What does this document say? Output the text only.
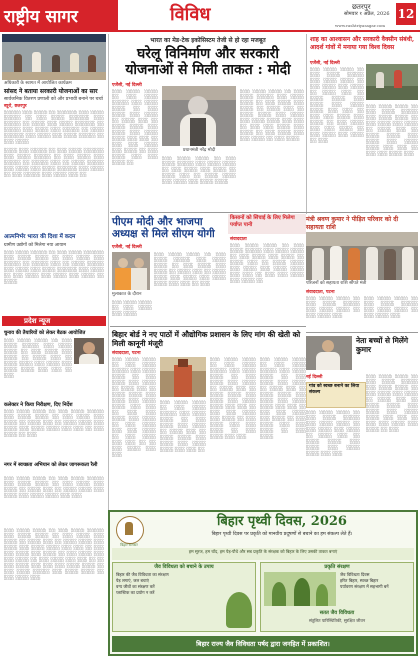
राष्ट्रीय सागर	विविध	छतरपुर
सोमवार १ अप्रैल, 2026 12
www.rashtriyasagar.com
अधिकारी के स्वागत में आयोजित कार्यक्रम
सांसद ने बताया सरकारी योजनाओं का सार
सार्वजनिक वितरण प्रणाली को और प्रभावी बनाने पर चर्चा
ब्यूरो, छतरपुर

░░░░░ ░░░ ░░░░ ░░ ░░░░░░ ░░░ ░░░░ ░░░░░ ░░ ░░░ ░░░░ ░░░░░░ ░░░ ░░░░░ ░░ ░░░░ ░░░ ░░░░ ░░░░░░ ░░ ░░░░░ ░░░ ░░░░ ░░░ ░░░░░ ░░ ░░░░ ░░░░░░ ░░░ ░░░░ ░░░ ░░░░ ░░░░░ ░░ ░░░ ░░░░

░░░░ ░░░ ░░░░░ ░░ ░░░ ░░░░ ░░░░░░ ░░░ ░░░░ ░░░░░ ░░ ░░░ ░░░░ ░░░ ░░░░░ ░░ ░░░░░ ░░░ ░░ ░░░░ ░░░░░ ░░░ ░░░░ ░░░ ░░░░ ░░░░░░ ░░░ ░░░░ ░░ ░░░ ░░░░░ ░░░ ░░░░ ░░░ ░░

आत्मनिर्भर भारत की दिशा में कदम
ग्रामीण उद्योगों को मिलेगा नया आयाम

░░░ ░░░░ ░░░░░ ░░ ░░░ ░░░░ ░░░░░░ ░░░ ░░░░ ░░░░ ░░ ░░░ ░░░░ ░░░ ░░░░░ ░░ ░░░░░ ░░░ ░░ ░░░░ ░░░░░ ░░░ ░░░░ ░░░ ░░░░ ░░░░░░ ░░░ ░░░░ ░░ ░░░ ░░░░ ░░░ ░░░░ ░░░ ░░░░ ░░ ░░░░

प्रदेश न्यूज
चुनाव की तैयारियों को लेकर बैठक आयोजित

░░░ ░░░░ ░░░░ ░░ ░░░ ░░░░ ░░░░░ ░░░ ░░░░ ░░░░ ░░ ░░░ ░░░░ ░░░ ░░░░ ░░ ░░░░ ░░░ ░░ ░░░░ ░░░░ ░░░ ░░░░ ░░░ ░░░░ ░░░░ ░░░ ░░░ ░░ ░░░

कलेक्टर ने किया निरीक्षण, दिए निर्देश

░░░ ░░░░ ░░░░ ░░ ░░░ ░░░░ ░░░░░ ░░░ ░░░░ ░░░░ ░░ ░░░ ░░░░ ░░░ ░░░░ ░░ ░░░░ ░░░ ░░ ░░░░ ░░░░ ░░░ ░░░░ ░░░ ░░░░ ░░░░ ░░░ ░░░ ░░ ░░░ ░░░░ ░░ ░░░

नगर में स्वच्छता अभियान को लेकर जागरूकता रैली

░░░ ░░░░ ░░░░ ░░ ░░░ ░░░░ ░░░░░ ░░░ ░░░░ ░░░░ ░░ ░░░ ░░░░ ░░░ ░░░░ ░░ ░░░░ ░░░ ░░ ░░░░ ░░░░ ░░░ ░░░░ ░░░ ░░░░ ░░░░ ░░░ ░░░

भारत का मेड-टेक इकोसिस्टम तेजी से हो रहा मजबूत
घरेलू विनिर्माण और सरकारी
योजनाओं से मिली ताकत : मोदी
एजेंसी, नई दिल्ली

░░░ ░░░░ ░░░░ ░░ ░░░ ░░░░ ░░░░░ ░░░ ░░░░ ░░░░ ░░ ░░░ ░░░░ ░░░ ░░░░ ░░ ░░░░ ░░░ ░░ ░░░░ ░░░░ ░░░ ░░░░ ░░░ ░░░░ ░░░░ ░░░ ░░░ ░░ ░░░ ░░░ ░░░░ ░░░ ░░░░ ░░ ░░░ ░░░░ ░░░ ░░░ ░░░░ ░░

प्रधानमंत्री नरेंद्र मोदी

░░░ ░░░░ ░░░░ ░░ ░░░ ░░░░ ░░░░░ ░░░ ░░░░ ░░░░ ░░ ░░░ ░░░░ ░░░ ░░░░ ░░ ░░░░ ░░░ ░░ ░░░░ ░░░░ ░░░ ░░░░ ░░░ ░░░░ ░░░░

░░░ ░░░░ ░░░░ ░░ ░░░ ░░░░ ░░░░░ ░░░ ░░░░ ░░░░ ░░ ░░░ ░░░░ ░░░ ░░░░ ░░ ░░░░ ░░░ ░░ ░░░░ ░░░░ ░░░ ░░░░ ░░░ ░░░░ ░░░░ ░░░ ░░░ ░░ ░░░ ░░░ ░░░░ ░░░ ░░░░ ░░ ░░░ ░░░░ ░░░ ░░░ ░░░░ ░░ ░░░ ░░░░

शाह का आश्वासन और सरकारी वैक्सीन संबंधी, आदर्श गांवों में मनाया गया विश्व दिवस
एजेंसी, नई दिल्ली

░░░ ░░░░ ░░░░ ░░ ░░░ ░░░░ ░░░░░ ░░░ ░░░░ ░░░░ ░░ ░░░ ░░░░ ░░░ ░░░░ ░░ ░░░░ ░░░ ░░ ░░░░ ░░░░ ░░░ ░░░░ ░░░ ░░░░ ░░░░ ░░░ ░░░ ░░ ░░░ ░░░ ░░░░ ░░░ ░░░░ ░░ ░░░ ░░░░ ░░░ ░░░ ░░░░ ░░ ░░░ ░░░░ ░░░ ░░░░ ░░ ░░░

░░░ ░░░░ ░░░░ ░░ ░░░ ░░░░ ░░░░░ ░░░ ░░░░ ░░░░ ░░ ░░░ ░░░░ ░░░ ░░░░ ░░ ░░░░ ░░░ ░░ ░░░░ ░░░░ ░░░ ░░░░ ░░░ ░░░░ ░░░░ ░░░ ░░░ ░░ ░░░ ░░░ ░░░░ ░░░

पीएम मोदी और भाजपा
अध्यक्ष से मिले सीएम योगी
एजेंसी, नई दिल्ली
मुलाकात के दौरान

░░░ ░░░░ ░░░░ ░░ ░░░ ░░░░ ░░░░░ ░░░ ░░░░ ░░░░ ░░ ░░░ ░░░░ ░░░ ░░░░ ░░ ░░░░ ░░░ ░░ ░░░░ ░░░░ ░░░ ░░░░ ░░░ ░░░░ ░░░░ ░░░ ░░░ ░░ ░░░

░░░ ░░░░ ░░░░ ░░ ░░░ ░░░░ ░░░ ░░░░

किसानों को सिंचाई के लिए मिलेगा पर्याप्त पानी
संवाददाता

░░░ ░░░░ ░░░░ ░░ ░░░ ░░░░ ░░░░░ ░░░ ░░░░ ░░░░ ░░ ░░░ ░░░░ ░░░ ░░░░ ░░ ░░░░ ░░░ ░░ ░░░░ ░░░░ ░░░ ░░░░ ░░░ ░░░░ ░░░░ ░░░ ░░░ ░░ ░░░ ░░░ ░░░░ ░░░ ░░░░ ░░

मंत्री श्रवण कुमार ने पीड़ित परिवार को दी सहायता राशि
परिजनों को सहायता राशि सौंपते मंत्री
संवाददाता, पटना

░░░ ░░░░ ░░░░ ░░ ░░░ ░░░░ ░░░░░ ░░░ ░░░░ ░░░░ ░░ ░░░ ░░░░ ░░░

░░░ ░░░░ ░░░░ ░░ ░░░ ░░░░ ░░░░░ ░░░ ░░░░ ░░░░ ░░ ░░░ ░░░░ ░░░

बिहार बोर्ड ने नए पाठों में औद्योगिक प्रशासन के लिए मांग की खेती को मिली कानूनी मंजूरी
संवाददाता, पटना

░░░ ░░░░ ░░░░ ░░ ░░░ ░░░░ ░░░░░ ░░░ ░░░░ ░░░░ ░░ ░░░ ░░░░ ░░░ ░░░░ ░░ ░░░░ ░░░ ░░ ░░░░ ░░░░ ░░░ ░░░░ ░░░ ░░░░ ░░░░ ░░░ ░░░ ░░ ░░░ ░░░ ░░░░ ░░░ ░░░░ ░░ ░░░ ░░░░ ░░░ ░░░ ░░░░ ░░ ░░░ ░░░░ ░░░ ░░░ ░░ ░░ ░░░ ░░░░ ░░░ ░░░

░░░ ░░░░ ░░░░ ░░ ░░░ ░░░░ ░░░░░ ░░░ ░░░░ ░░░░ ░░ ░░░ ░░░░ ░░░ ░░░░ ░░ ░░░░ ░░░ ░░ ░░░░ ░░░░ ░░░ ░░░░ ░░░ ░░░░ ░░░░ ░░░ ░░░ ░░

░░░ ░░░░ ░░░░ ░░ ░░░ ░░░░ ░░░░░ ░░░ ░░░░ ░░░░ ░░ ░░░ ░░░░ ░░░ ░░░░ ░░ ░░░░ ░░░ ░░ ░░░░ ░░░░ ░░░ ░░░░ ░░░ ░░░░ ░░░░ ░░░ ░░░ ░░ ░░░ ░░░ ░░░░ ░░░ ░░░░ ░░ ░░░ ░░░░ ░░░ ░░░ ░░░░ ░░ ░░░ ░░░░ ░░░ ░░░

░░░ ░░░░ ░░░░ ░░ ░░░ ░░░░ ░░░░░ ░░░ ░░░░ ░░░░ ░░ ░░░ ░░░░ ░░░ ░░░░ ░░ ░░░░ ░░░ ░░ ░░░░ ░░░░ ░░░ ░░░░ ░░░ ░░░░ ░░░░ ░░░ ░░░ ░░ ░░░ ░░░ ░░░░ ░░░ ░░░░ ░░ ░░░ ░░░░ ░░░ ░░░ ░░░░ ░░ ░░░ ░░░░

नेता बच्चों से मिलेंगे कुमार
नई दिल्ली
गांव को स्वच्छ बनाने का लिया संकल्प

░░░ ░░░░ ░░░░ ░░ ░░░ ░░░░ ░░░░░ ░░░ ░░░░ ░░░░ ░░ ░░░ ░░░░ ░░░ ░░░░ ░░ ░░░░ ░░░ ░░ ░░░░ ░░░░ ░░░ ░░░░ ░░░ ░░░░ ░░░░ ░░░ ░░░

░░░ ░░░░ ░░░░ ░░ ░░░ ░░░░ ░░░░░ ░░░ ░░░░ ░░░░ ░░ ░░░ ░░░░ ░░░ ░░░░ ░░ ░░░░ ░░░ ░░ ░░░░ ░░░░ ░░░ ░░░░ ░░░ ░░░░ ░░░░ ░░░ ░░░ ░░ ░░░ ░░░ ░░░░ ░░░ ░░░░ ░░ ░░░

बिहार सरकार
बिहार पृथ्वी दिवस, 2026
बिहार पृथ्वी दिवस पर प्रकृति को मानवीय प्रदूषणों से बचाने का हम संकल्प लेते हैं।
हम सूरज, हम चाँद, हम पेड़-पौधे और सब प्रकृति के संरक्षक को बिहार के लिए उसकी ताकत बनाएं
जैव विविधता को बचाने के उपाय
बिहार की जैव विविधता का संरक्षण
पेड़ लगाएं, जल बचाएं
वन्य जीवों का संरक्षण करें
प्लास्टिक का प्रयोग न करें
प्रकृति संरक्षण
जैव विविधता दिवस
हरित बिहार, स्वच्छ बिहार
पर्यावरण संरक्षण में सहभागी बनें
सतत जैव विविधता
संतुलित पारिस्थितिकी, सुरक्षित जीवन
बिहार राज्य जैव विविधता पर्षद द्वारा जनहित में प्रकाशित।

░░░ ░░░░ ░░░░ ░░ ░░░ ░░░░ ░░░░░ ░░░ ░░░░ ░░░░ ░░ ░░░ ░░░░ ░░░ ░░░░ ░░ ░░░░ ░░░ ░░ ░░░░ ░░░░ ░░░ ░░░░ ░░░ ░░░░ ░░░░ ░░░ ░░░ ░░ ░░░ ░░░ ░░░░ ░░░ ░░░░ ░░ ░░░ ░░░░ ░░░ ░░░ ░░░░ ░░ ░░░ ░░░░ ░░░ ░░░ ░░ ░░ ░░░ ░░░░ ░░░ ░░░ ░░░ ░░░░ ░░░░ ░░ ░░░ ░░░░ ░░░░░ ░░░ ░░░░ ░░░░ ░░ ░░░ ░░░░ ░░░
